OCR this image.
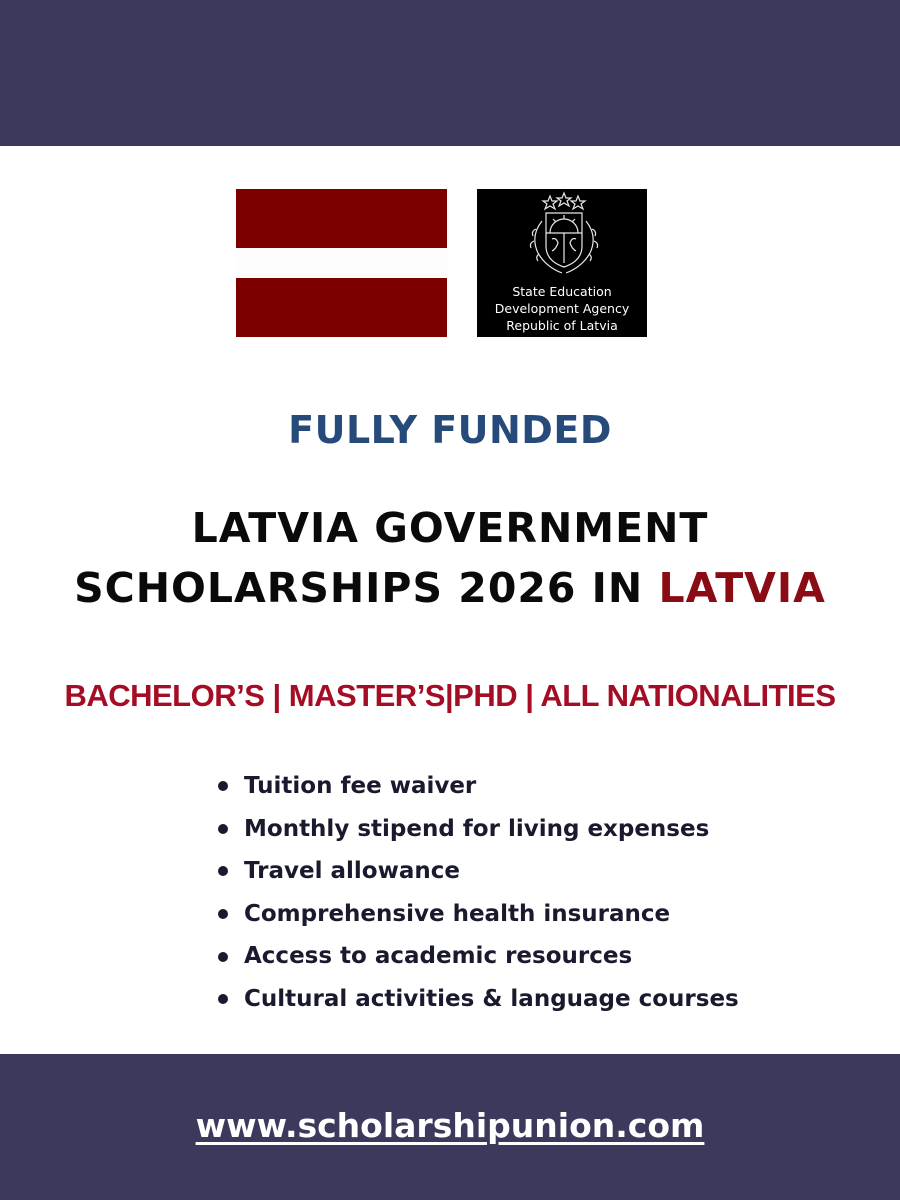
State Education
Development Agency
Republic of Latvia
FULLY FUNDED
LATVIA GOVERNMENT
SCHOLARSHIPS 2026 IN LATVIA
BACHELOR’S | MASTER’S|PHD | ALL NATIONALITIES
Tuition fee waiver
Monthly stipend for living expenses
Travel allowance
Comprehensive health insurance
Access to academic resources
Cultural activities & language courses
www.scholarshipunion.com
